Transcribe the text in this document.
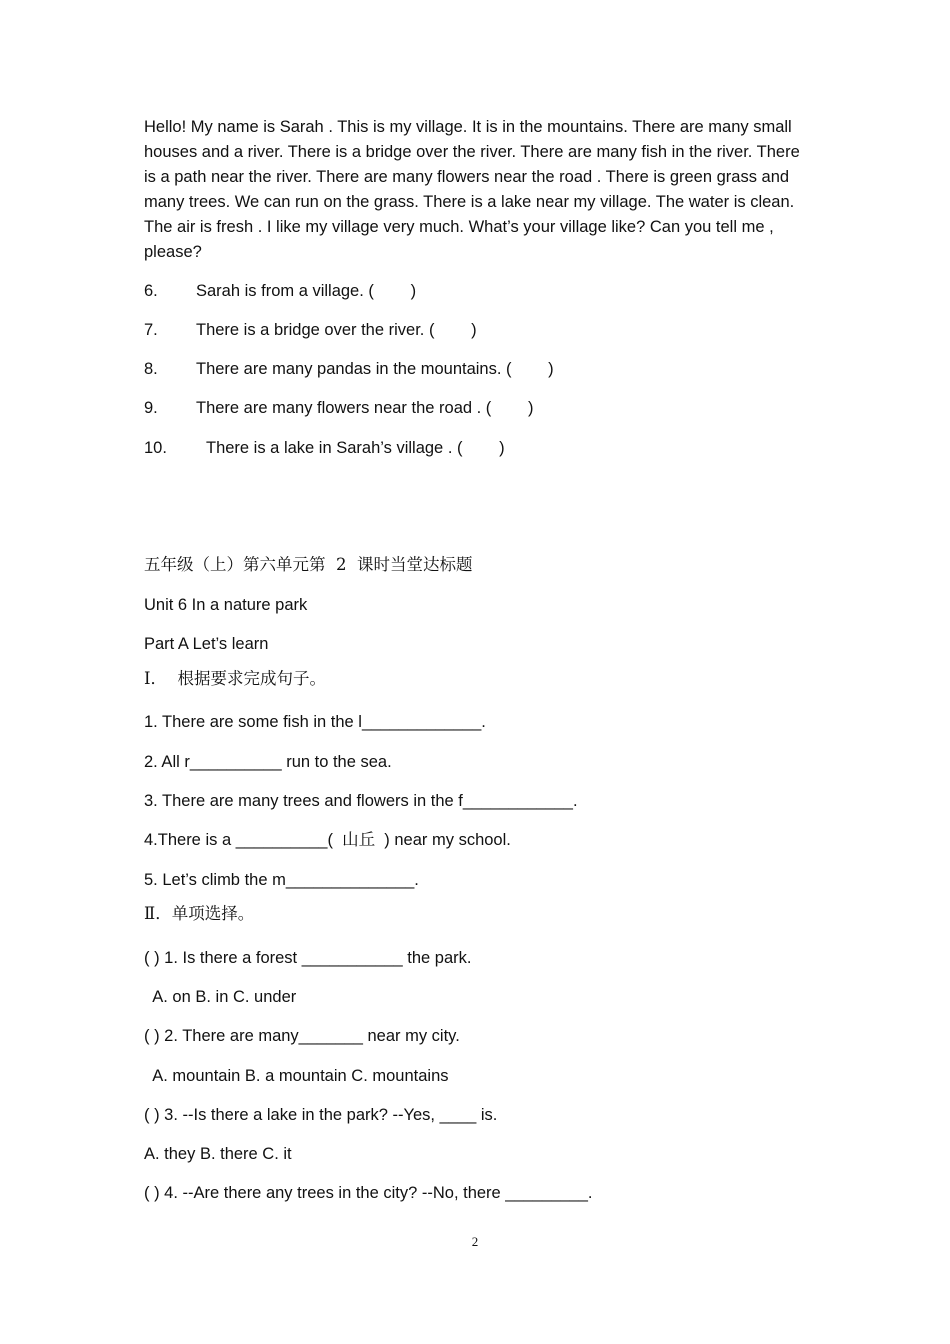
Hello! My name is Sarah . This is my village. It is in the mountains. There are many small houses and a river. There is a bridge over the river. There are many fish in the river. There is a path near the river. There are many flowers near the road . There is green grass and many trees. We can run on the grass. There is a lake near my village. The water is clean. The air is fresh . I like my village very much. What’s your village like? Can you tell me , please?

6. Sarah is from a village. (        )
7. There is a bridge over the river. (        )
8. There are many pandas in the mountains. (        )
9. There are many flowers near the road . (        )
10. There is a lake in Sarah’s village . (        )
五年级（上）第六单元第  2  课时当堂达标题
Unit 6 In a nature park
Part A Let’s learn
Ⅰ．  根据要求完成句子。
1. There are some fish in the l_____________.
2. All r__________ run to the sea.
3. There are many trees and flowers in the f____________.
4.There is a __________(  山丘  ) near my school.
5. Let’s climb the m______________.
Ⅱ．单项选择。
( ) 1. Is there a forest ___________ the park.
A. on B. in C. under
( ) 2. There are many_______ near my city.
A. mountain B. a mountain C. mountains
( ) 3. --Is there a lake in the park? --Yes, ____ is.
A. they B. there C. it
( ) 4. --Are there any trees in the city? --No, there _________.
2
